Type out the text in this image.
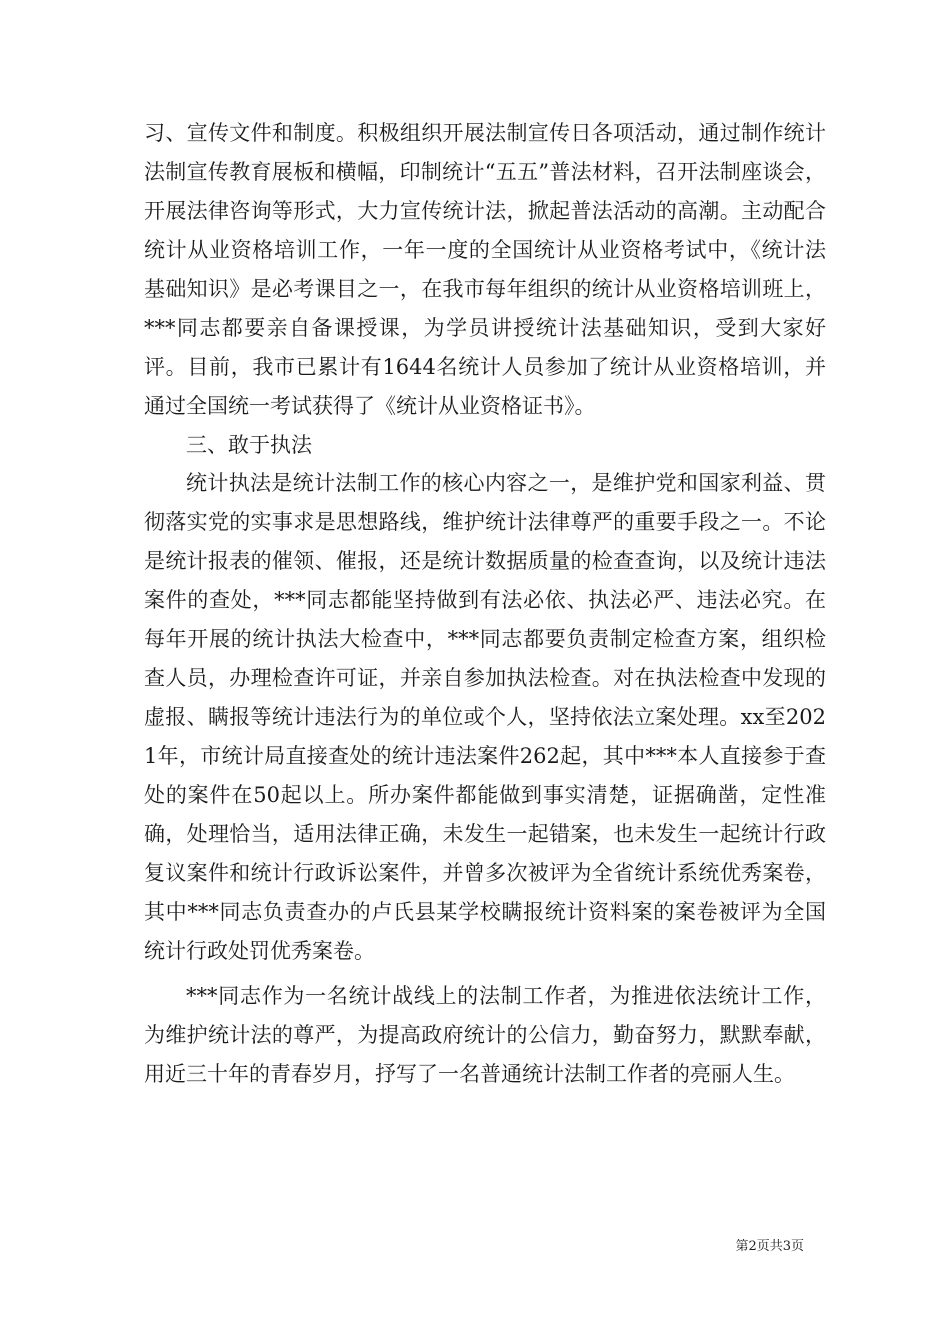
习、宣传文件和制度。积极组织开展法制宣传日各项活动，通过制作统计法制宣传教育展板和横幅，印制统计“五五”普法材料，召开法制座谈会，开展法律咨询等形式，大力宣传统计法，掀起普法活动的高潮。主动配合统计从业资格培训工作，一年一度的全国统计从业资格考试中，《统计法基础知识》是必考课目之一，在我市每年组织的统计从业资格培训班上，***同志都要亲自备课授课，为学员讲授统计法基础知识，受到大家好评。目前，我市已累计有1644名统计人员参加了统计从业资格培训，并通过全国统一考试获得了《统计从业资格证书》。

三、敢于执法

统计执法是统计法制工作的核心内容之一，是维护党和国家利益、贯彻落实党的实事求是思想路线，维护统计法律尊严的重要手段之一。不论是统计报表的催领、催报，还是统计数据质量的检查查询，以及统计违法案件的查处，***同志都能坚持做到有法必依、执法必严、违法必究。在每年开展的统计执法大检查中，***同志都要负责制定检查方案，组织检查人员，办理检查许可证，并亲自参加执法检查。对在执法检查中发现的虚报、瞒报等统计违法行为的单位或个人，坚持依法立案处理。xx至2021年，市统计局直接查处的统计违法案件262起，其中***本人直接参于查处的案件在50起以上。所办案件都能做到事实清楚，证据确凿，定性准确，处理恰当，适用法律正确，未发生一起错案，也未发生一起统计行政复议案件和统计行政诉讼案件，并曾多次被评为全省统计系统优秀案卷，其中***同志负责查办的卢氏县某学校瞒报统计资料案的案卷被评为全国统计行政处罚优秀案卷。

***同志作为一名统计战线上的法制工作者，为推进依法统计工作，为维护统计法的尊严，为提高政府统计的公信力，勤奋努力，默默奉献，用近三十年的青春岁月，抒写了一名普通统计法制工作者的亮丽人生。

第2页共3页
